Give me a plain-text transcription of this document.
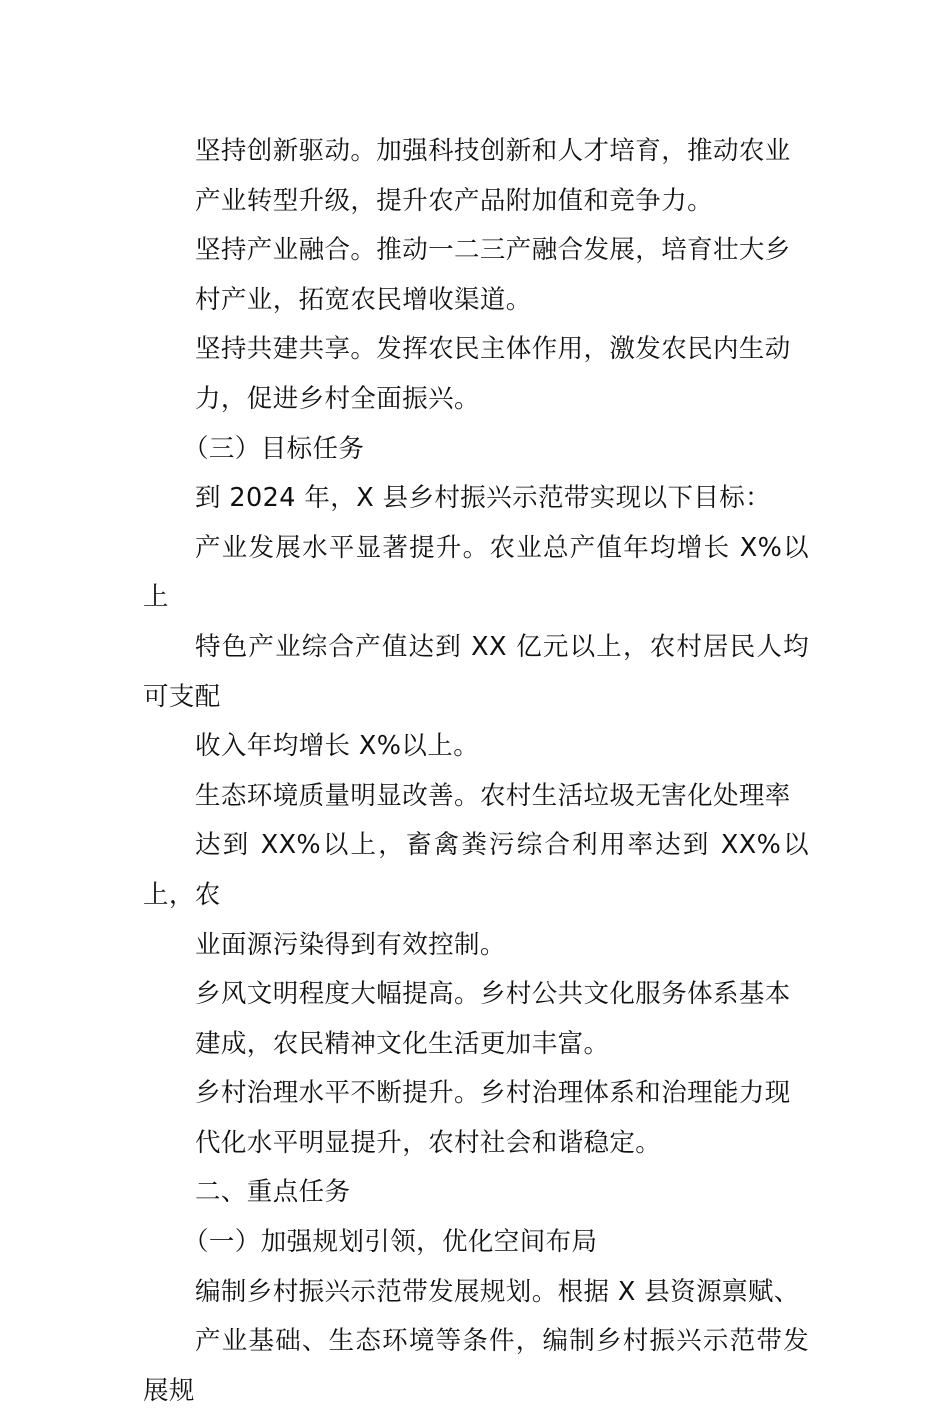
坚持创新驱动。加强科技创新和人才培育，推动农业
产业转型升级，提升农产品附加值和竞争力。

坚持产业融合。推动一二三产融合发展，培育壮大乡
村产业，拓宽农民增收渠道。

坚持共建共享。发挥农民主体作用，激发农民内生动
力，促进乡村全面振兴。

（三）目标任务

到 2024 年，X 县乡村振兴示范带实现以下目标：

产业发展水平显著提升。农业总产值年均增长 X%以上
特色产业综合产值达到 XX 亿元以上，农村居民人均可支配
收入年均增长 X%以上。

生态环境质量明显改善。农村生活垃圾无害化处理率
达到 XX%以上，畜禽粪污综合利用率达到 XX%以上，农
业面源污染得到有效控制。

乡风文明程度大幅提高。乡村公共文化服务体系基本
建成，农民精神文化生活更加丰富。

乡村治理水平不断提升。乡村治理体系和治理能力现
代化水平明显提升，农村社会和谐稳定。

二、重点任务

（一）加强规划引领，优化空间布局

编制乡村振兴示范带发展规划。根据 X 县资源禀赋、
产业基础、生态环境等条件，编制乡村振兴示范带发展规
